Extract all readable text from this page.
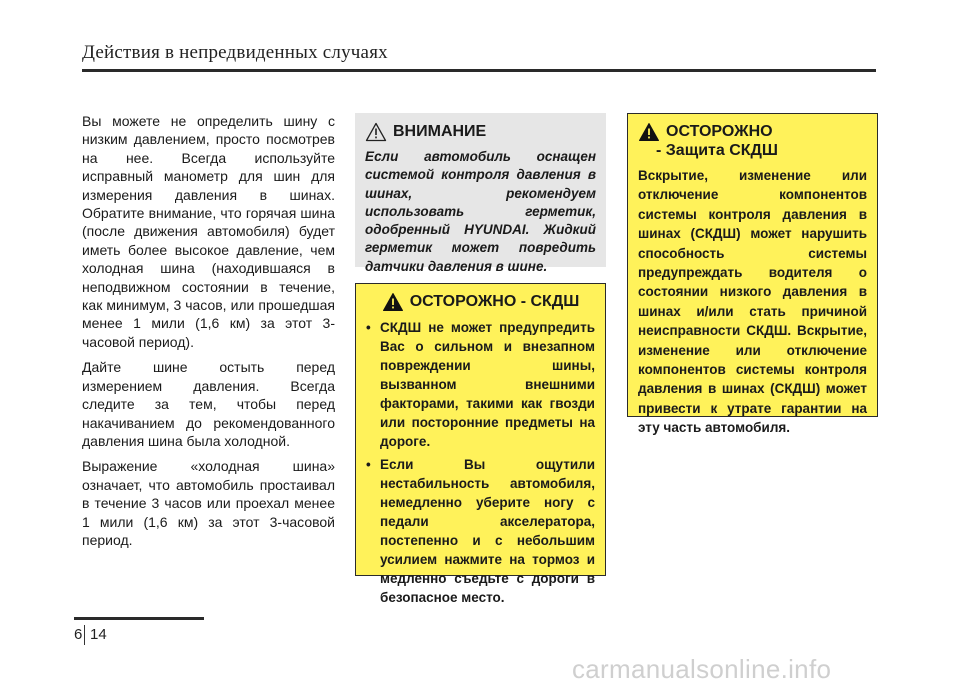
Действия в непредвиденных случаях

Вы можете не определить шину с низким давлением, просто посмотрев на нее. Всегда используйте исправный манометр для шин для измерения давления в шинах. Обратите внимание, что горячая шина (после движения автомобиля) будет иметь более высокое давление, чем холодная шина (находившаяся в неподвижном состоянии в течение, как минимум, 3 часов, или прошедшая менее 1 мили (1,6 км) за этот 3-часовой период).

Дайте шине остыть перед измерением давления. Всегда следите за тем, чтобы перед накачиванием до рекомендованного давления шина была холодной.

Выражение «холодная шина» означает, что автомобиль простаивал в течение 3 часов или проехал менее 1 мили (1,6 км) за этот 3-часовой период.

ВНИМАНИЕ
Если автомобиль оснащен системой контроля давления в шинах, рекомендуем использовать герметик, одобренный HYUNDAI. Жидкий герметик может повредить датчики давления в шине.
ОСТОРОЖНО - СКДШ
• СКДШ не может предупредить Вас о сильном и внезапном повреждении шины, вызванном внешними факторами, такими как гвозди или посторонние предметы на дороге.
• Если Вы ощутили нестабильность автомобиля, немедленно уберите ногу с педали акселератора, постепенно и с небольшим усилием нажмите на тормоз и медленно съедьте с дороги в безопасное место.
ОСТОРОЖНО
- Защита СКДШ
Вскрытие, изменение или отключение компонентов системы контроля давления в шинах (СКДШ) может нарушить способность системы предупреждать водителя о состоянии низкого давления в шинах и/или стать причиной неисправности СКДШ. Вскрытие, изменение или отключение компонентов системы контроля давления в шинах (СКДШ) может привести к утрате гарантии на эту часть автомобиля.
6 14
carmanualsonline.info
